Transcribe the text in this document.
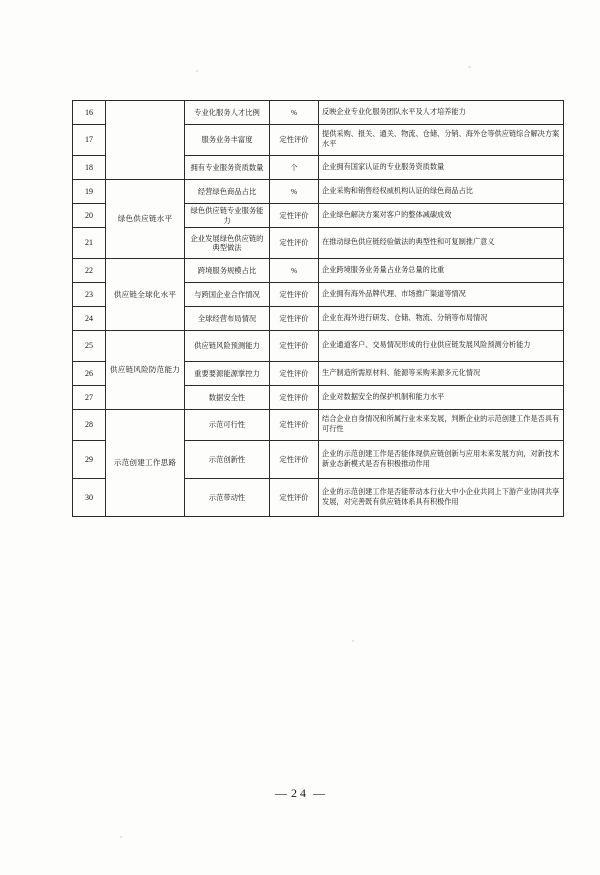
16		专业化服务人才比例	%	反映企业专业化服务团队水平及人才培养能力
17		服务业务丰富度	定性评价	提供采购、报关、通关、物流、仓储、分销、海外仓等供应链综合解决方案水平
18		拥有专业服务资质数量	个	企业拥有国家认证的专业服务资质数量
19	绿色供应链水平	经营绿色商品占比	%	企业采购和销售经权威机构认证的绿色商品占比
20		绿色供应链专业服务能力	定性评价	企业绿色解决方案对客户的整体减碳成效
21		企业发展绿色供应链的典型做法	定性评价	在推动绿色供应链经验做法的典型性和可复制推广意义
22	供应链全球化水平	跨境服务规模占比	%	企业跨境服务业务量占业务总量的比重
23		与跨国企业合作情况	定性评价	企业拥有海外品牌代理、市场推广渠道等情况
24		全球经营布局情况	定性评价	企业在海外进行研发、仓储、物流、分销等布局情况
25	供应链风险防范能力	供应链风险预测能力	定性评价	企业通道客户、交易情况形成的行业供应链发展风险预测分析能力
26		重要要源能源掌控力	定性评价	生产制造所需原材料、能源等采购来源多元化情况
27		数据安全性	定性评价	企业对数据安全的保护机制和能力水平
28	示范创建工作思路	示范可行性	定性评价	结合企业自身情况和所属行业未来发展，判断企业的示范创建工作是否具有可行性
29		示范创新性	定性评价	企业的示范创建工作是否能体现供应链创新与应用未来发展方向，对新技术新业态新模式是否有积极推动作用
30		示范带动性	定性评价	企业的示范创建工作是否能带动本行业大中小企业共同上下游产业协同共享发展，对完善既有供应链体系具有积极作用
— 24 —
